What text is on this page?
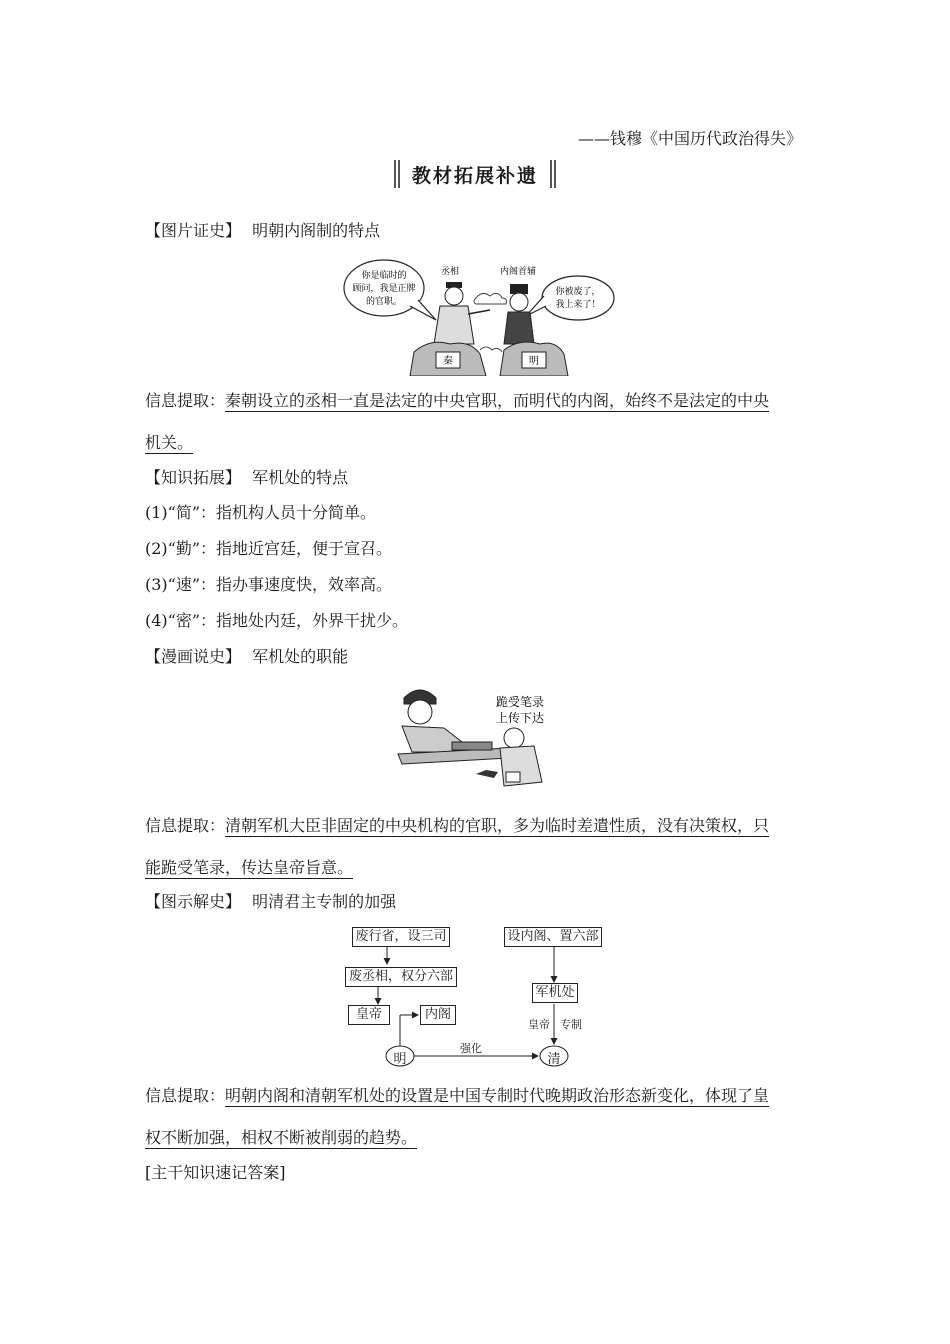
——钱穆《中国历代政治得失》
教材拓展补遗
【图片证史】 明朝内阁制的特点
你是临时的
顾问，我是正牌
的官职。
你被废了，
我上来了！
丞相	内阁首辅
秦	明
信息提取：秦朝设立的丞相一直是法定的中央官职，而明代的内阁，始终不是法定的中央
机关。
【知识拓展】 军机处的特点
(1)“简”：指机构人员十分简单。
(2)“勤”：指地近宫廷，便于宣召。
(3)“速”：指办事速度快，效率高。
(4)“密”：指地处内廷，外界干扰少。
【漫画说史】 军机处的职能
跪受笔录
上传下达
信息提取：清朝军机大臣非固定的中央机构的官职，多为临时差遣性质，没有决策权，只
能跪受笔录，传达皇帝旨意。
【图示解史】 明清君主专制的加强
废行省，设三司
废丞相，权分六部
皇帝	内阁
设内阁、置六部
军机处
明	清
强化
皇帝 专制
信息提取：明朝内阁和清朝军机处的设置是中国专制时代晚期政治形态新变化，体现了皇
权不断加强，相权不断被削弱的趋势。
[主干知识速记答案]
